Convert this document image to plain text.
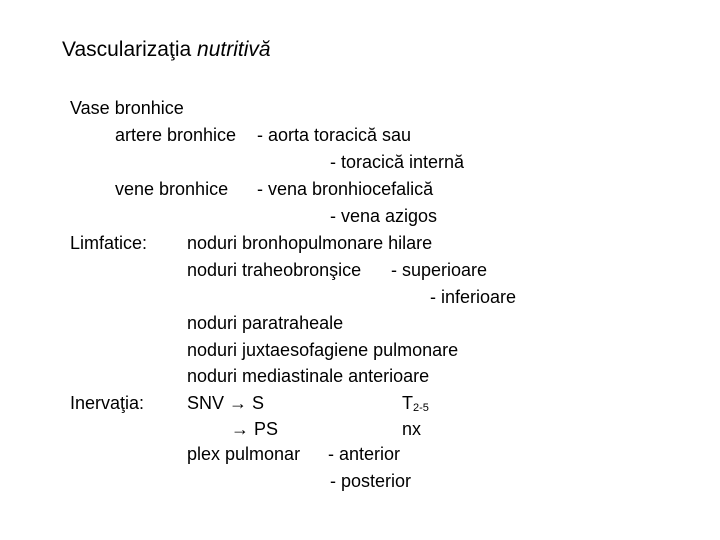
Vascularizaţia nutritivă
Vase bronhice
artere bronhice - aorta toracică sau
- toracică internă
vene bronhice - vena bronhiocefalică
- vena azigos
Limfatice: noduri bronhopulmonare hilare
noduri traheobronşice - superioare
- inferioare
noduri paratraheale
noduri juxtaesofagiene pulmonare
noduri mediastinale anterioare
Inervaţia: SNV → S	T2-5
→ PS	nx
plex pulmonar - anterior
- posterior
